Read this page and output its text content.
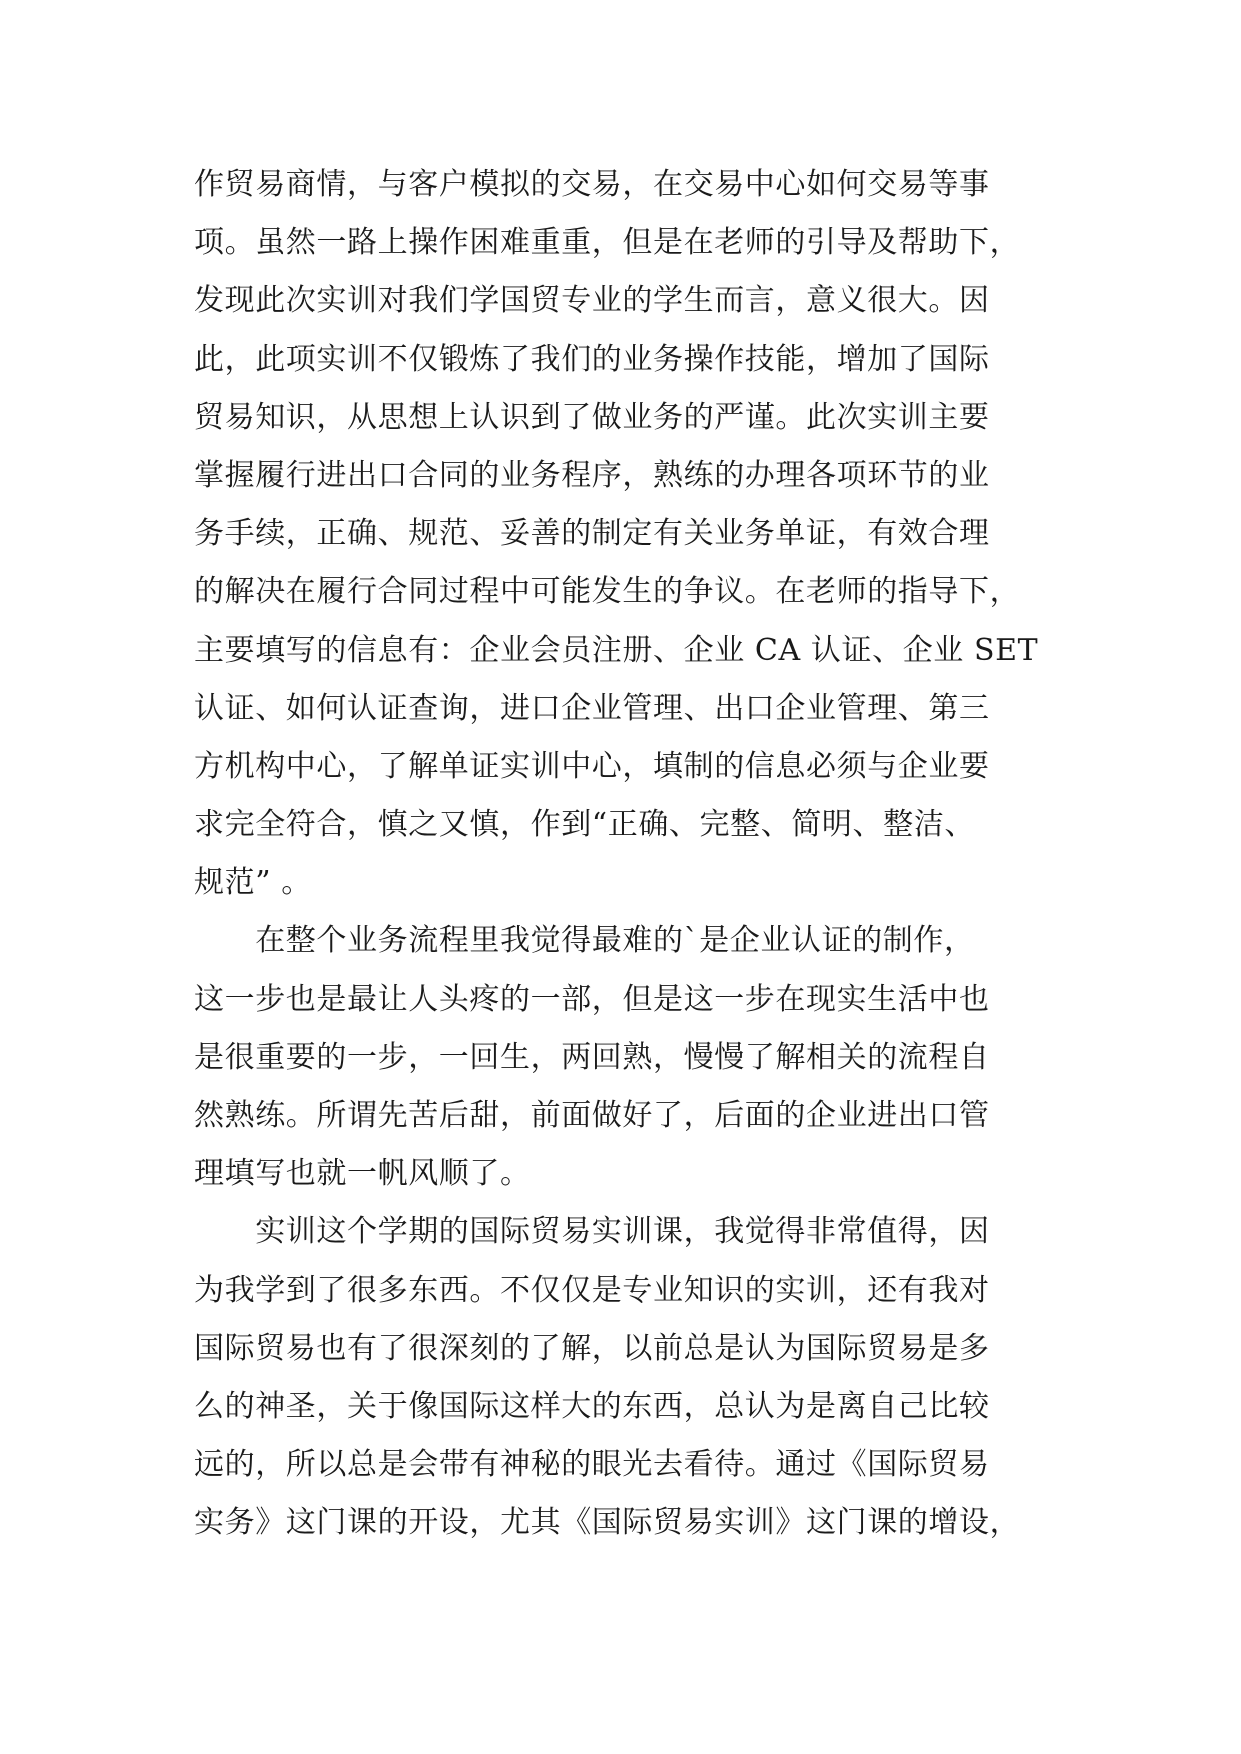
作贸易商情，与客户模拟的交易，在交易中心如何交易等事
项。虽然一路上操作困难重重，但是在老师的引导及帮助下，
发现此次实训对我们学国贸专业的学生而言，意义很大。因
此，此项实训不仅锻炼了我们的业务操作技能，增加了国际
贸易知识，从思想上认识到了做业务的严谨。此次实训主要
掌握履行进出口合同的业务程序，熟练的办理各项环节的业
务手续，正确、规范、妥善的制定有关业务单证，有效合理
的解决在履行合同过程中可能发生的争议。在老师的指导下，
主要填写的信息有：企业会员注册、企业 CA 认证、企业 SET
认证、如何认证查询，进口企业管理、出口企业管理、第三
方机构中心，了解单证实训中心，填制的信息必须与企业要
求完全符合，慎之又慎，作到“正确、完整、简明、整洁、
规范” 。
　　在整个业务流程里我觉得最难的`是企业认证的制作，
这一步也是最让人头疼的一部，但是这一步在现实生活中也
是很重要的一步，一回生，两回熟，慢慢了解相关的流程自
然熟练。所谓先苦后甜，前面做好了，后面的企业进出口管
理填写也就一帆风顺了。
　　实训这个学期的国际贸易实训课，我觉得非常值得，因
为我学到了很多东西。不仅仅是专业知识的实训，还有我对
国际贸易也有了很深刻的了解，以前总是认为国际贸易是多
么的神圣，关于像国际这样大的东西，总认为是离自己比较
远的，所以总是会带有神秘的眼光去看待。通过《国际贸易
实务》这门课的开设，尤其《国际贸易实训》这门课的增设，
